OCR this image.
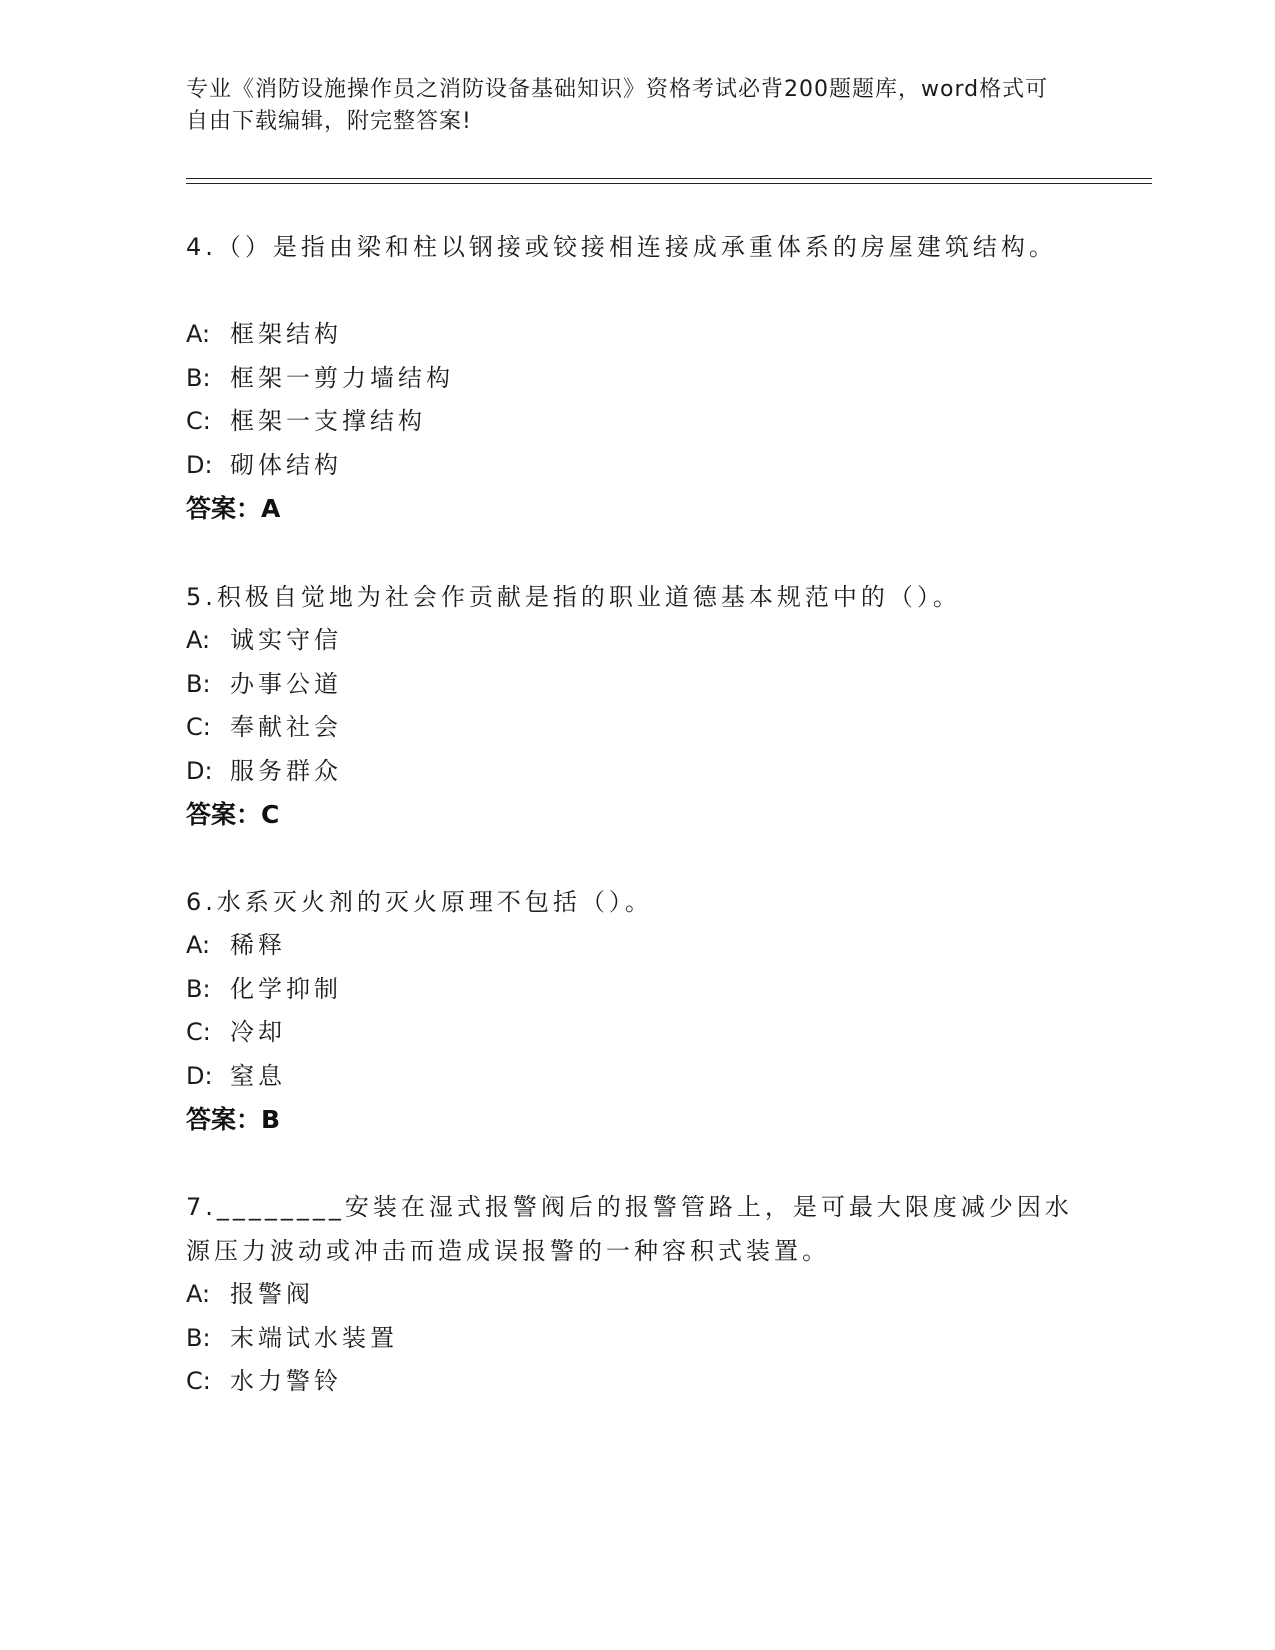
专业《消防设施操作员之消防设备基础知识》资格考试必背200题题库，word格式可自由下载编辑，附完整答案!
4.（）是指由梁和柱以钢接或铰接相连接成承重体系的房屋建筑结构。
A: 框架结构
B: 框架一剪力墙结构
C: 框架一支撑结构
D: 砌体结构
答案：A
5.积极自觉地为社会作贡献是指的职业道德基本规范中的（）。
A: 诚实守信
B: 办事公道
C: 奉献社会
D: 服务群众
答案：C
6.水系灭火剂的灭火原理不包括（）。
A: 稀释
B: 化学抑制
C: 冷却
D: 窒息
答案：B
7.________安装在湿式报警阀后的报警管路上，是可最大限度减少因水源压力波动或冲击而造成误报警的一种容积式装置。
A: 报警阀
B: 末端试水装置
C: 水力警铃
